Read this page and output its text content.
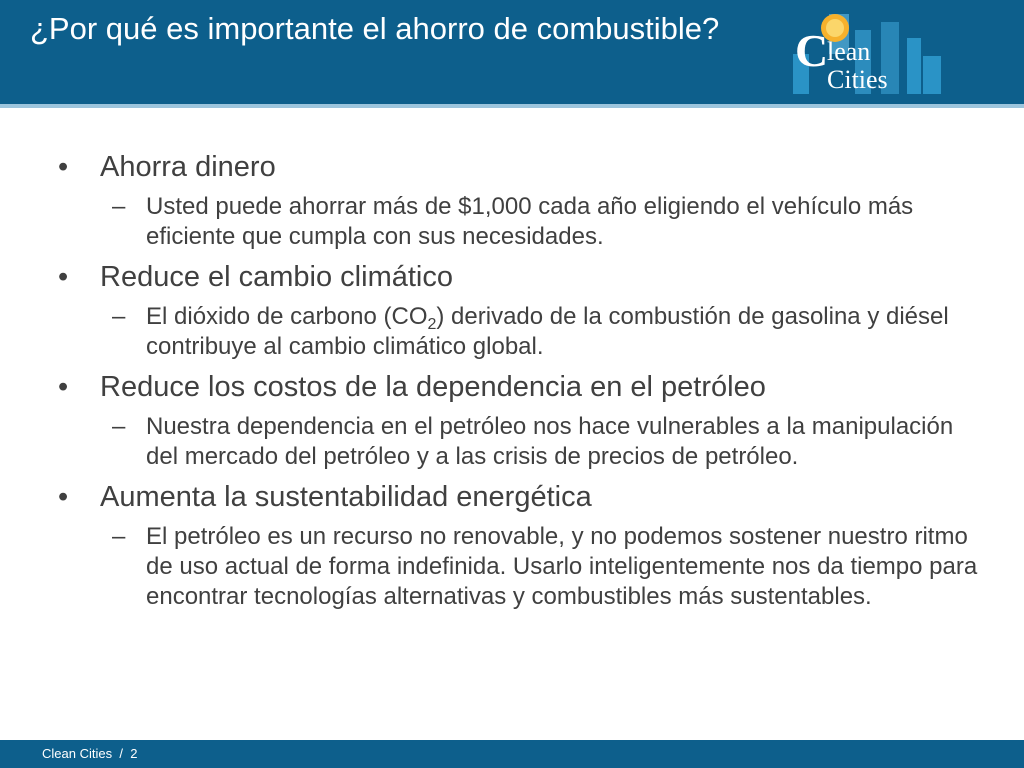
¿Por qué es importante el ahorro de combustible?	C
lean
Cities
• Ahorra dinero
– Usted puede ahorrar más de $1,000 cada año eligiendo el vehículo más eficiente que cumpla con sus necesidades.
• Reduce el cambio climático
– El dióxido de carbono $(CO_2)$ derivado de la combustión de gasolina y diésel contribuye al cambio climático global.
• Reduce los costos de la dependencia en el petróleo
– Nuestra dependencia en el petróleo nos hace vulnerables a la manipulación del mercado del petróleo y a las crisis de precios de petróleo.
• Aumenta la sustentabilidad energética
– El petróleo es un recurso no renovable, y no podemos sostener nuestro ritmo de uso actual de forma indefinida. Usarlo inteligentemente nos da tiempo para encontrar tecnologías alternativas y combustibles más sustentables.
Clean Cities / 2
